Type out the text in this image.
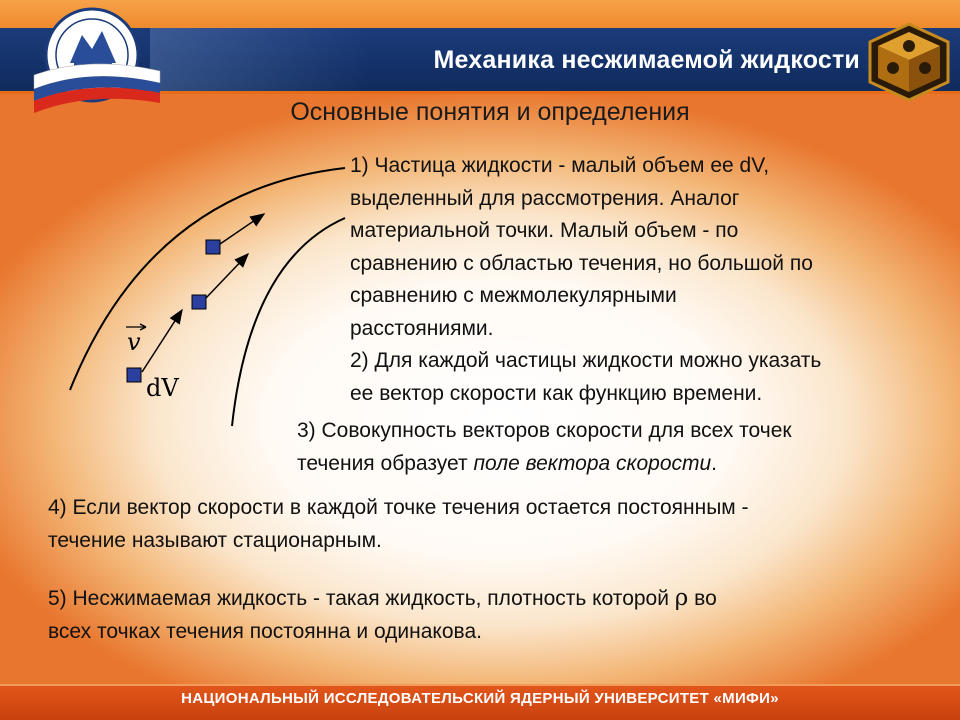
Механика несжимаемой жидкости
Основные понятия и определения
v
dV
1) Частица жидкости - малый объем ее dV,
выделенный для рассмотрения. Аналог
материальной точки. Малый объем - по
сравнению с областью течения, но большой по
сравнению с межмолекулярными
расстояниями.
2) Для каждой частицы жидкости можно указать
ее вектор скорости как функцию времени.
3) Совокупность векторов скорости для всех точек
течения образует поле вектора скорости.
4) Если вектор скорости в каждой точке течения остается постоянным -
течение называют стационарным.
5) Несжимаемая жидкость - такая жидкость, плотность которой ρ во
всех точках течения постоянна и одинакова.
НАЦИОНАЛЬНЫЙ ИССЛЕДОВАТЕЛЬСКИЙ ЯДЕРНЫЙ УНИВЕРСИТЕТ «МИФИ»
